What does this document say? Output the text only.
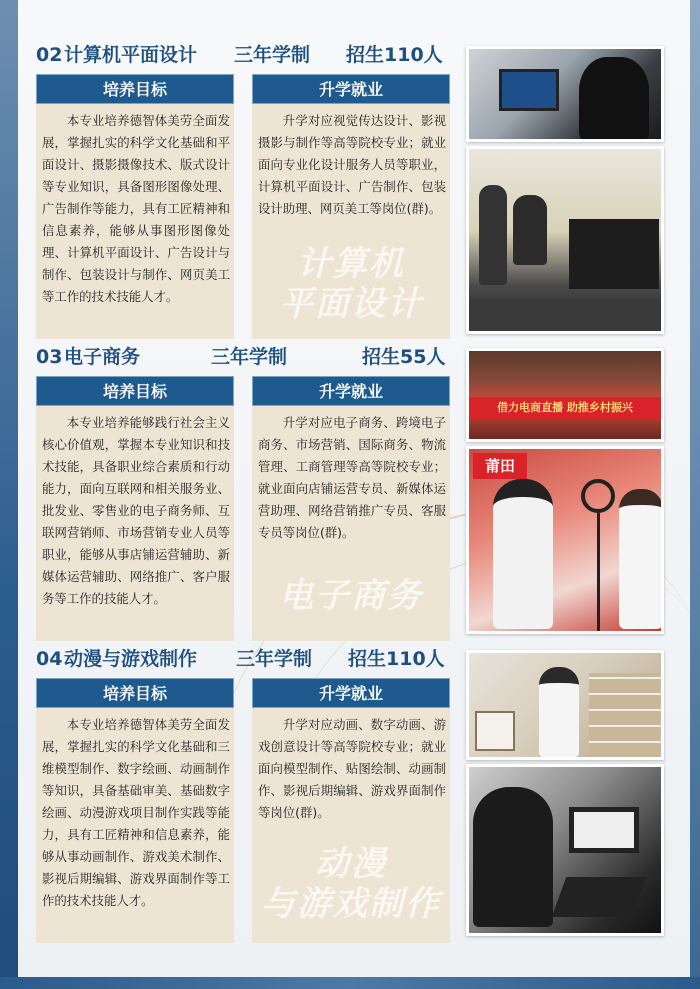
02 计算机平面设计 三年学制 招生110人
培养目标
本专业培养德智体美劳全面发展，掌握扎实的科学文化基础和平面设计、摄影摄像技术、版式设计等专业知识，具备图形图像处理、广告制作等能力，具有工匠精神和信息素养，能够从事图形图像处理、计算机平面设计、广告设计与制作、包装设计与制作、网页美工等工作的技术技能人才。
升学就业
升学对应视觉传达设计、影视摄影与制作等高等院校专业；就业面向专业化设计服务人员等职业，计算机平面设计、广告制作、包装设计助理、网页美工等岗位(群)。
计算机
平面设计
03 电子商务	三年学制	招生55人
培养目标
本专业培养能够践行社会主义核心价值观，掌握本专业知识和技术技能，具备职业综合素质和行动能力，面向互联网和相关服务业、批发业、零售业的电子商务师、互联网营销师、市场营销专业人员等职业，能够从事店铺运营辅助、新媒体运营辅助、网络推广、客户服务等工作的技能人才。
升学就业
升学对应电子商务、跨境电子商务、市场营销、国际商务、物流管理、工商管理等高等院校专业；就业面向店铺运营专员、新媒体运营助理、网络营销推广专员、客服专员等岗位(群)。
电子商务
借力电商直播 助推乡村振兴
莆田
04 动漫与游戏制作 三年学制 招生110人
培养目标
本专业培养德智体美劳全面发展，掌握扎实的科学文化基础和三维模型制作、数字绘画、动画制作等知识，具备基础审美、基础数字绘画、动漫游戏项目制作实践等能力，具有工匠精神和信息素养，能够从事动画制作、游戏美术制作、影视后期编辑、游戏界面制作等工作的技术技能人才。
升学就业
升学对应动画、数字动画、游戏创意设计等高等院校专业；就业面向模型制作、贴图绘制、动画制作、影视后期编辑、游戏界面制作等岗位(群)。
动漫
与游戏制作
